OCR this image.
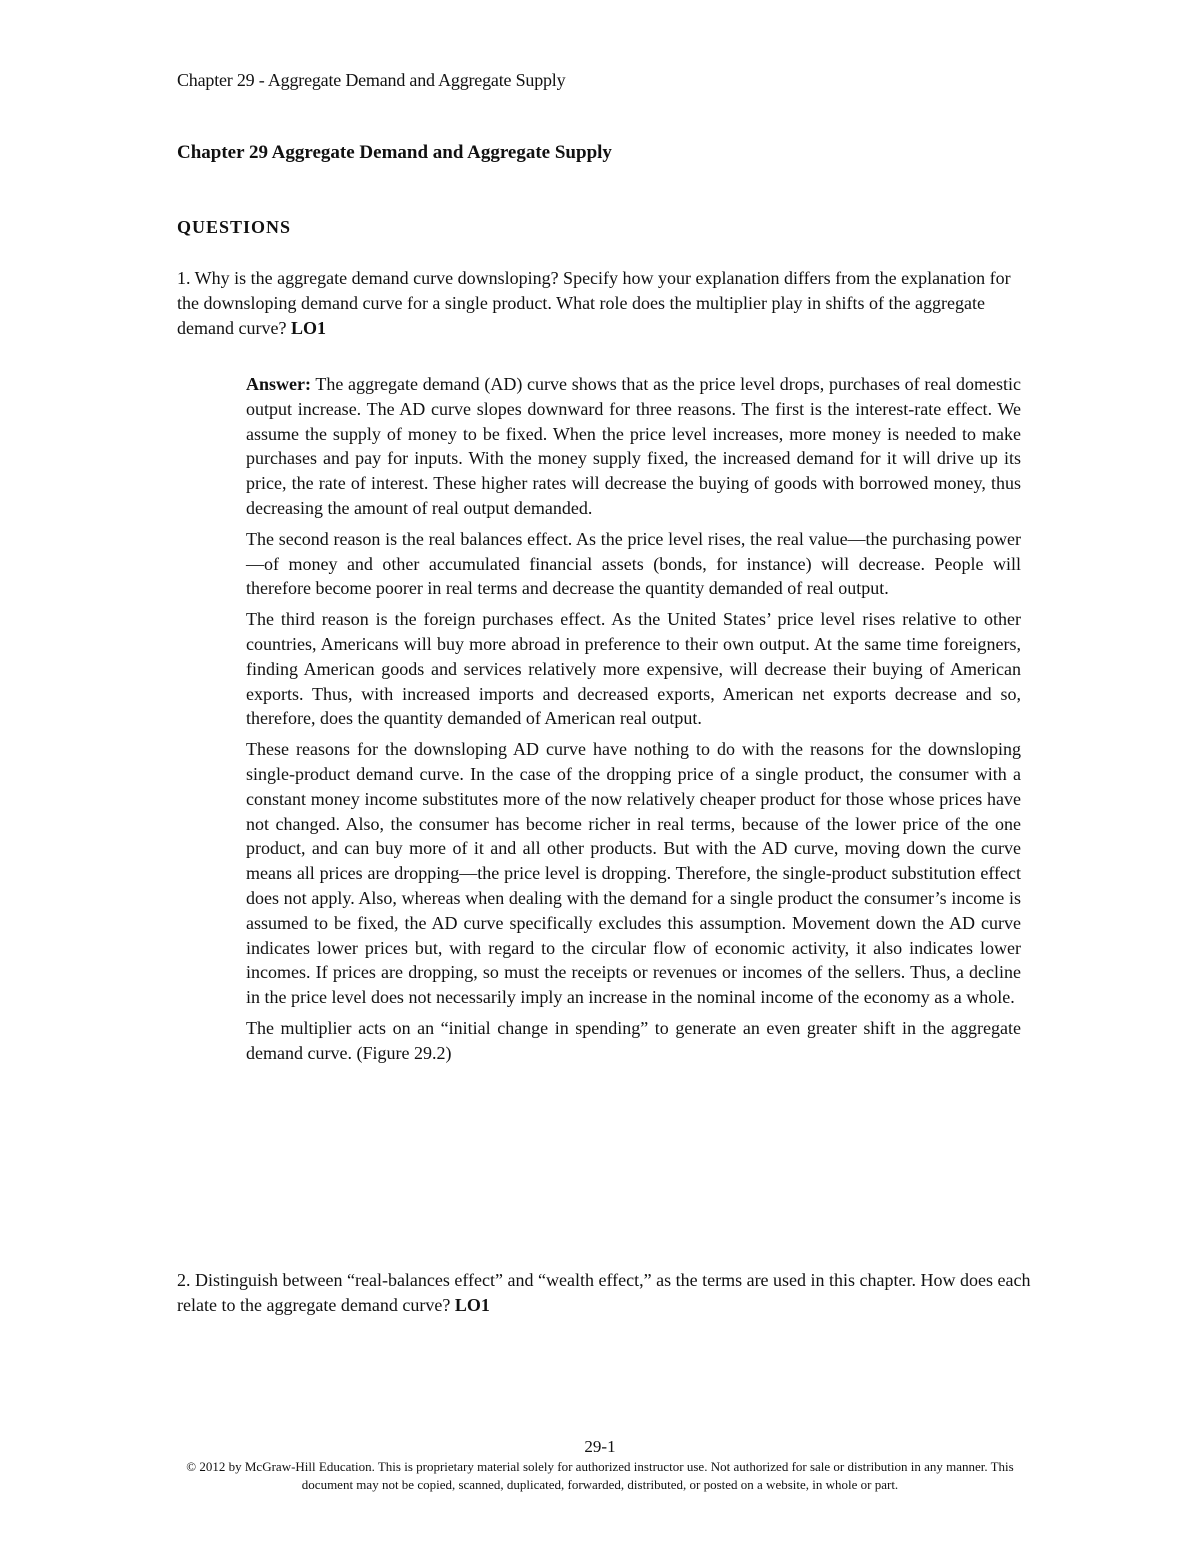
Chapter 29 - Aggregate Demand and Aggregate Supply
Chapter 29 Aggregate Demand and Aggregate Supply
QUESTIONS
1. Why is the aggregate demand curve downsloping? Specify how your explanation differs from the explanation for the downsloping demand curve for a single product. What role does the multiplier play in shifts of the aggregate demand curve? LO1

Answer: The aggregate demand (AD) curve shows that as the price level drops, purchases of real domestic output increase. The AD curve slopes downward for three reasons. The first is the interest-rate effect. We assume the supply of money to be fixed. When the price level increases, more money is needed to make purchases and pay for inputs. With the money supply fixed, the increased demand for it will drive up its price, the rate of interest. These higher rates will decrease the buying of goods with borrowed money, thus decreasing the amount of real output demanded.

The second reason is the real balances effect. As the price level rises, the real value—the purchasing power—of money and other accumulated financial assets (bonds, for instance) will decrease. People will therefore become poorer in real terms and decrease the quantity demanded of real output.

The third reason is the foreign purchases effect. As the United States’ price level rises relative to other countries, Americans will buy more abroad in preference to their own output. At the same time foreigners, finding American goods and services relatively more expensive, will decrease their buying of American exports. Thus, with increased imports and decreased exports, American net exports decrease and so, therefore, does the quantity demanded of American real output.

These reasons for the downsloping AD curve have nothing to do with the reasons for the downsloping single-product demand curve. In the case of the dropping price of a single product, the consumer with a constant money income substitutes more of the now relatively cheaper product for those whose prices have not changed. Also, the consumer has become richer in real terms, because of the lower price of the one product, and can buy more of it and all other products. But with the AD curve, moving down the curve means all prices are dropping—the price level is dropping. Therefore, the single-product substitution effect does not apply. Also, whereas when dealing with the demand for a single product the consumer’s income is assumed to be fixed, the AD curve specifically excludes this assumption. Movement down the AD curve indicates lower prices but, with regard to the circular flow of economic activity, it also indicates lower incomes. If prices are dropping, so must the receipts or revenues or incomes of the sellers. Thus, a decline in the price level does not necessarily imply an increase in the nominal income of the economy as a whole.

The multiplier acts on an “initial change in spending” to generate an even greater shift in the aggregate demand curve. (Figure 29.2)

2. Distinguish between “real-balances effect” and “wealth effect,” as the terms are used in this chapter. How does each relate to the aggregate demand curve? LO1
29-1
© 2012 by McGraw-Hill Education. This is proprietary material solely for authorized instructor use. Not authorized for sale or distribution in any manner. This document may not be copied, scanned, duplicated, forwarded, distributed, or posted on a website, in whole or part.
